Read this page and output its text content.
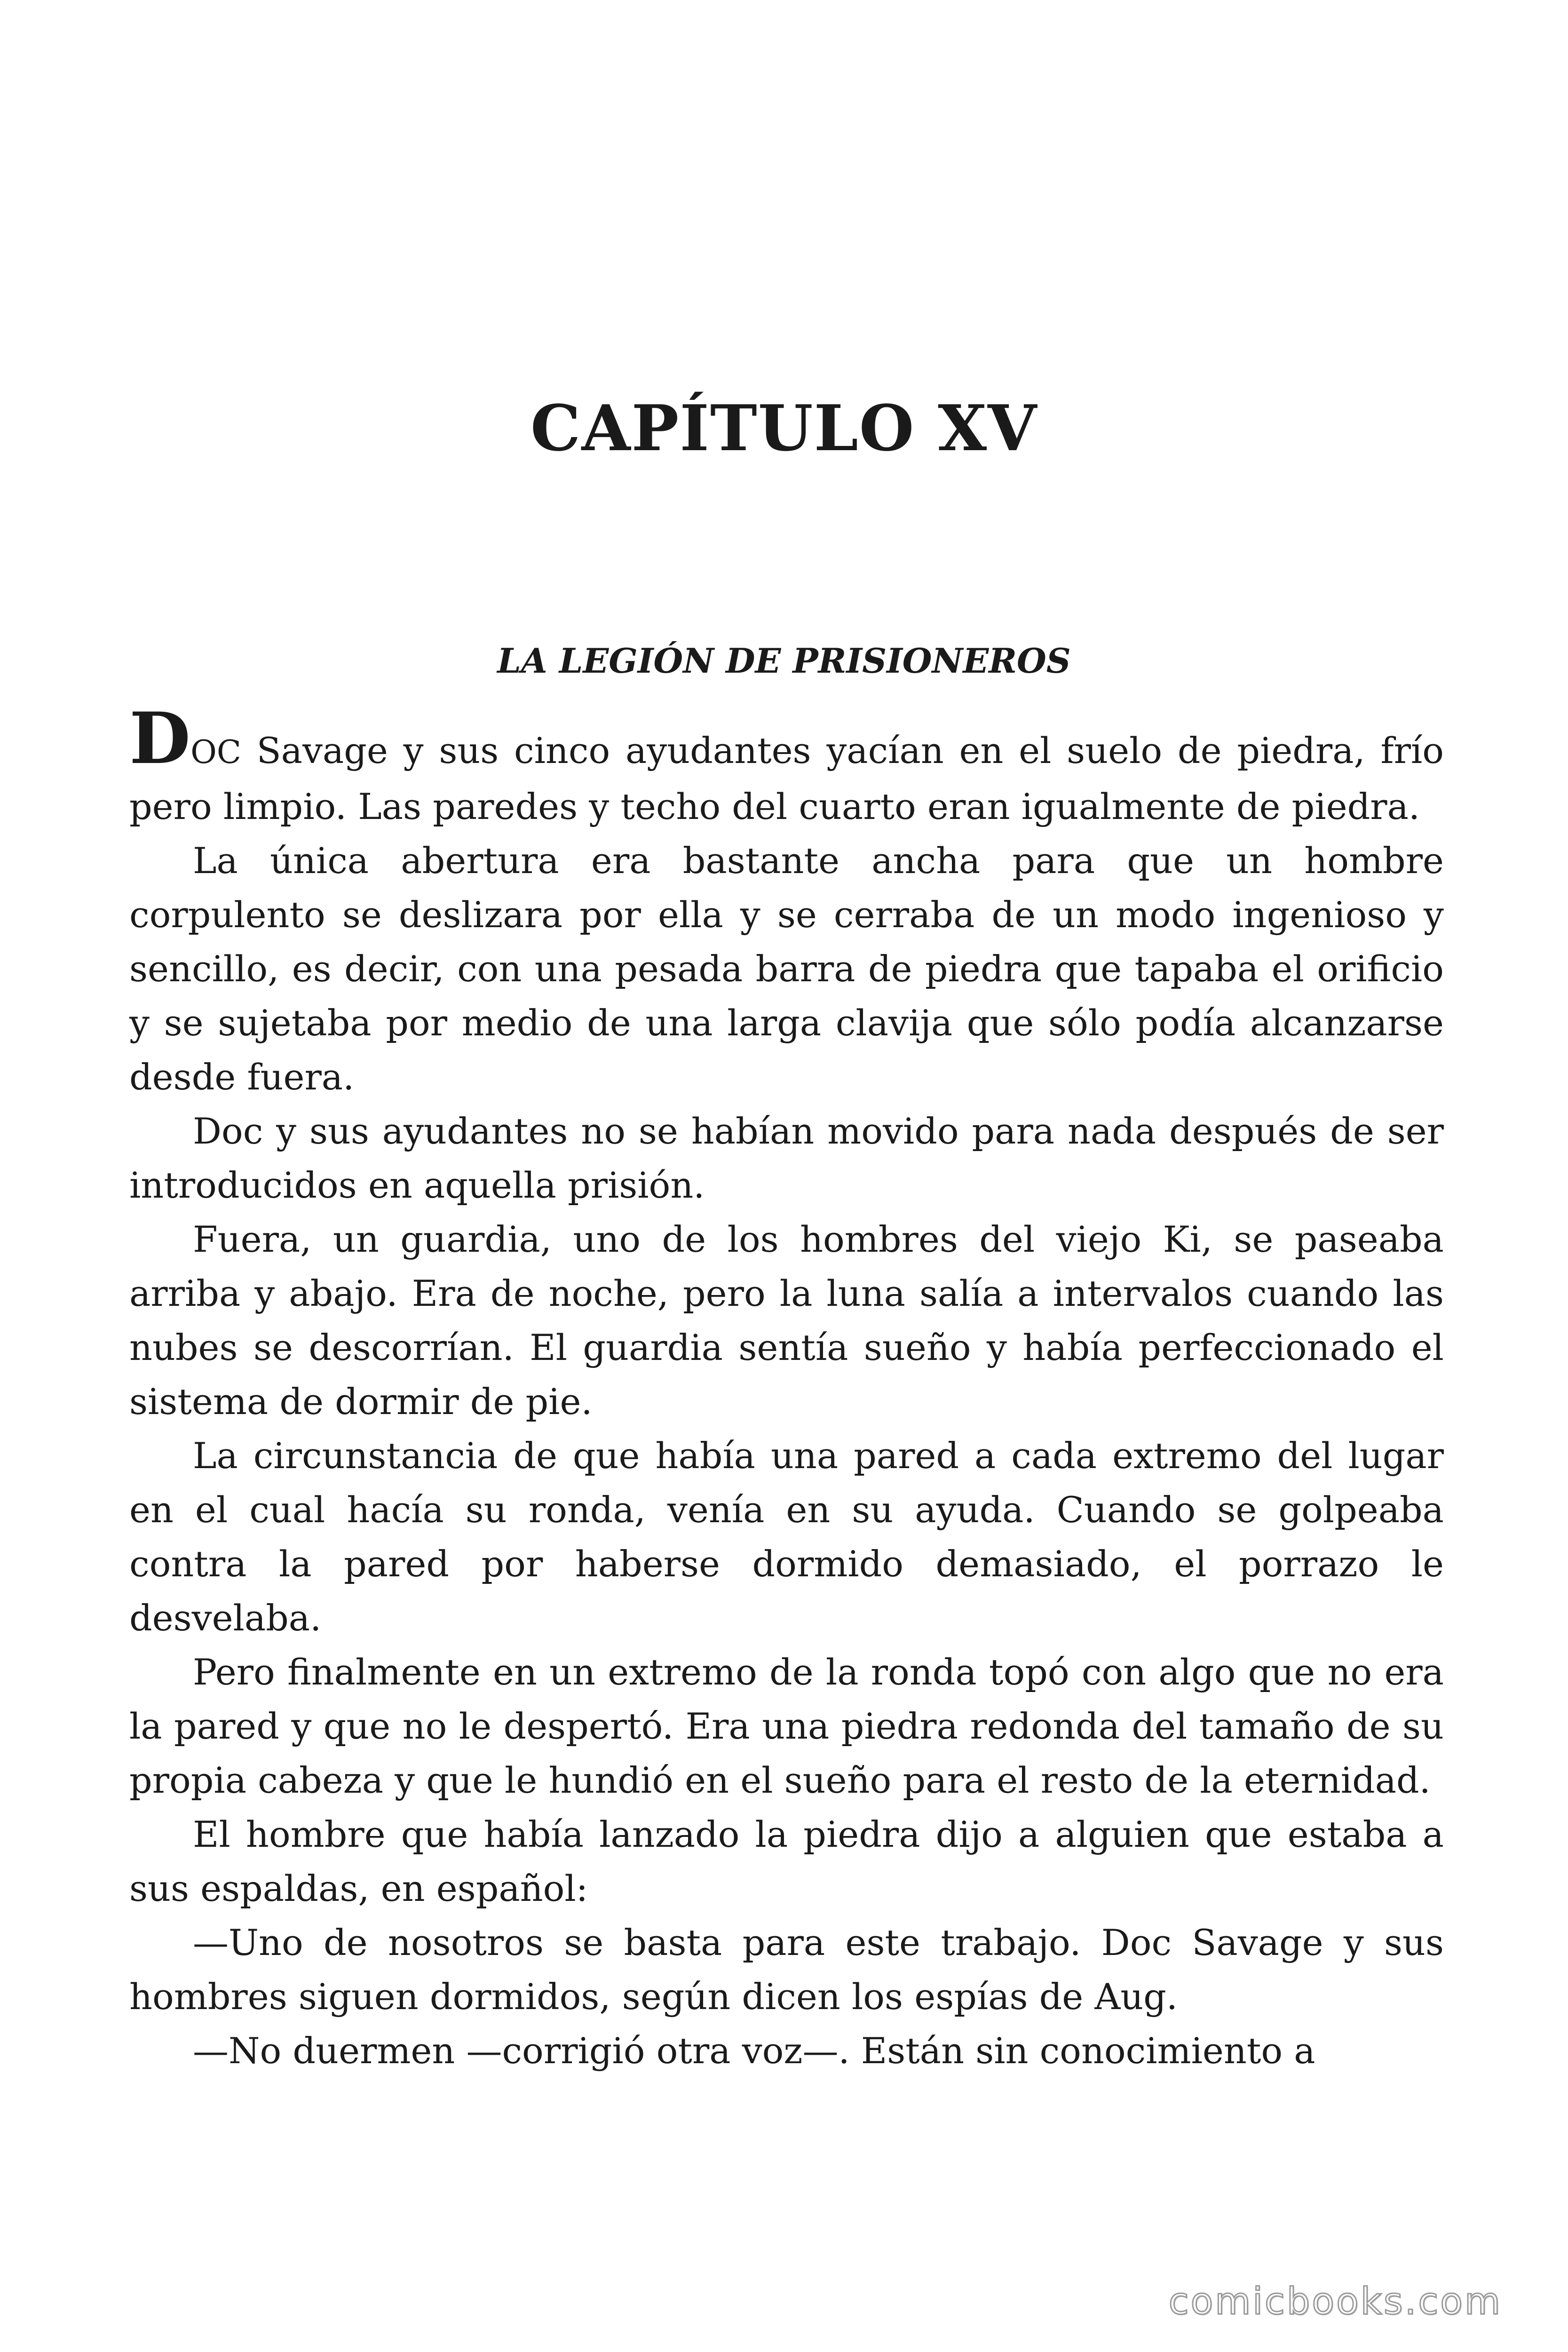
CAPÍTULO XV
LA LEGIÓN DE PRISIONEROS

DOC Savage y sus cinco ayudantes yacían en el suelo de piedra, frío pero limpio. Las paredes y techo del cuarto eran igualmente de piedra.

La única abertura era bastante ancha para que un hombre corpulento se deslizara por ella y se cerraba de un modo ingenioso y sencillo, es decir, con una pesada barra de piedra que tapaba el orificio y se sujetaba por medio de una larga clavija que sólo podía alcanzarse desde fuera.

Doc y sus ayudantes no se habían movido para nada después de ser introducidos en aquella prisión.

Fuera, un guardia, uno de los hombres del viejo Ki, se paseaba arriba y abajo. Era de noche, pero la luna salía a intervalos cuando las nubes se descorrían. El guardia sentía sueño y había perfeccionado el sistema de dormir de pie.

La circunstancia de que había una pared a cada extremo del lugar en el cual hacía su ronda, venía en su ayuda. Cuando se golpeaba contra la pared por haberse dormido demasiado, el porrazo le desvelaba.

Pero finalmente en un extremo de la ronda topó con algo que no era la pared y que no le despertó. Era una piedra redonda del tamaño de su propia cabeza y que le hundió en el sueño para el resto de la eternidad.

El hombre que había lanzado la piedra dijo a alguien que estaba a sus espaldas, en español:

—Uno de nosotros se basta para este trabajo. Doc Savage y sus hombres siguen dormidos, según dicen los espías de Aug.

—No duermen —corrigió otra voz—. Están sin conocimiento a

comicbooks.com
